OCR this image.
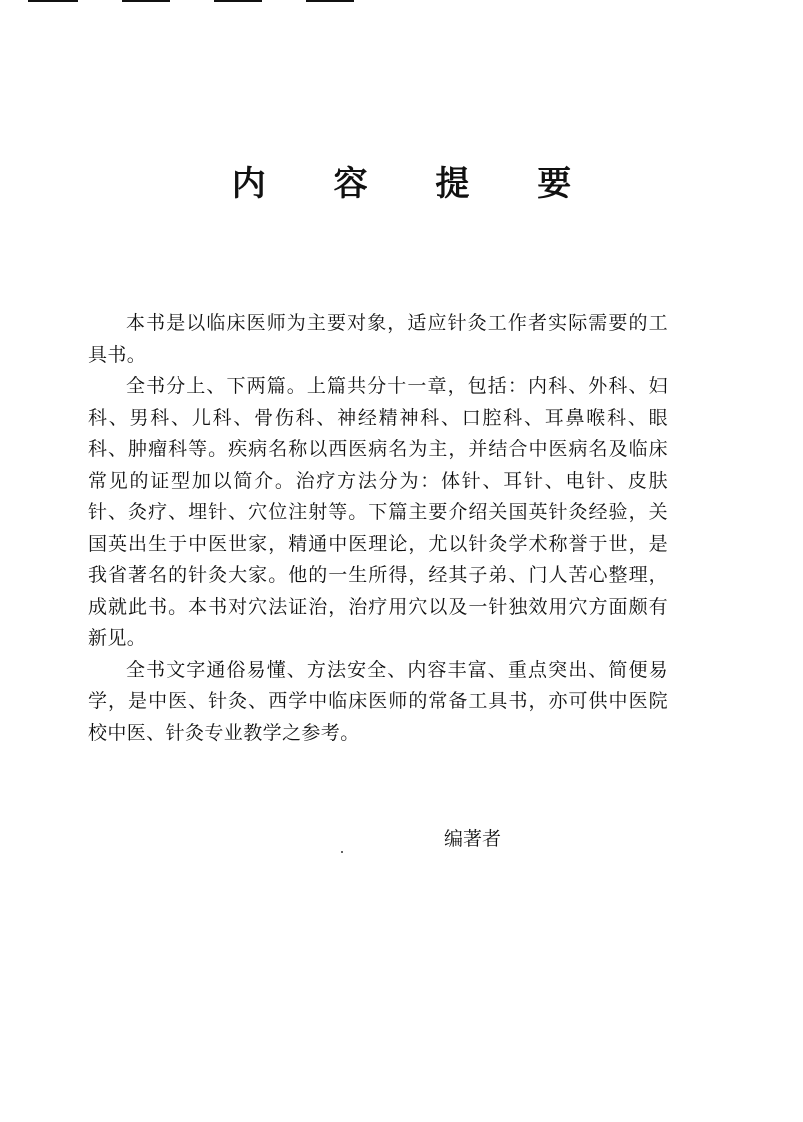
内 容 提 要

本书是以临床医师为主要对象，适应针灸工作者实际需要的工具书。

全书分上、下两篇。上篇共分十一章，包括：内科、外科、妇科、男科、儿科、骨伤科、神经精神科、口腔科、耳鼻喉科、眼科、肿瘤科等。疾病名称以西医病名为主，并结合中医病名及临床常见的证型加以简介。治疗方法分为：体针、耳针、电针、皮肤针、灸疗、埋针、穴位注射等。下篇主要介绍关国英针灸经验，关国英出生于中医世家，精通中医理论，尤以针灸学术称誉于世，是我省著名的针灸大家。他的一生所得，经其子弟、门人苦心整理，成就此书。本书对穴法证治，治疗用穴以及一针独效用穴方面颇有新见。

全书文字通俗易懂、方法安全、内容丰富、重点突出、简便易学，是中医、针灸、西学中临床医师的常备工具书，亦可供中医院校中医、针灸专业教学之参考。

编著者
